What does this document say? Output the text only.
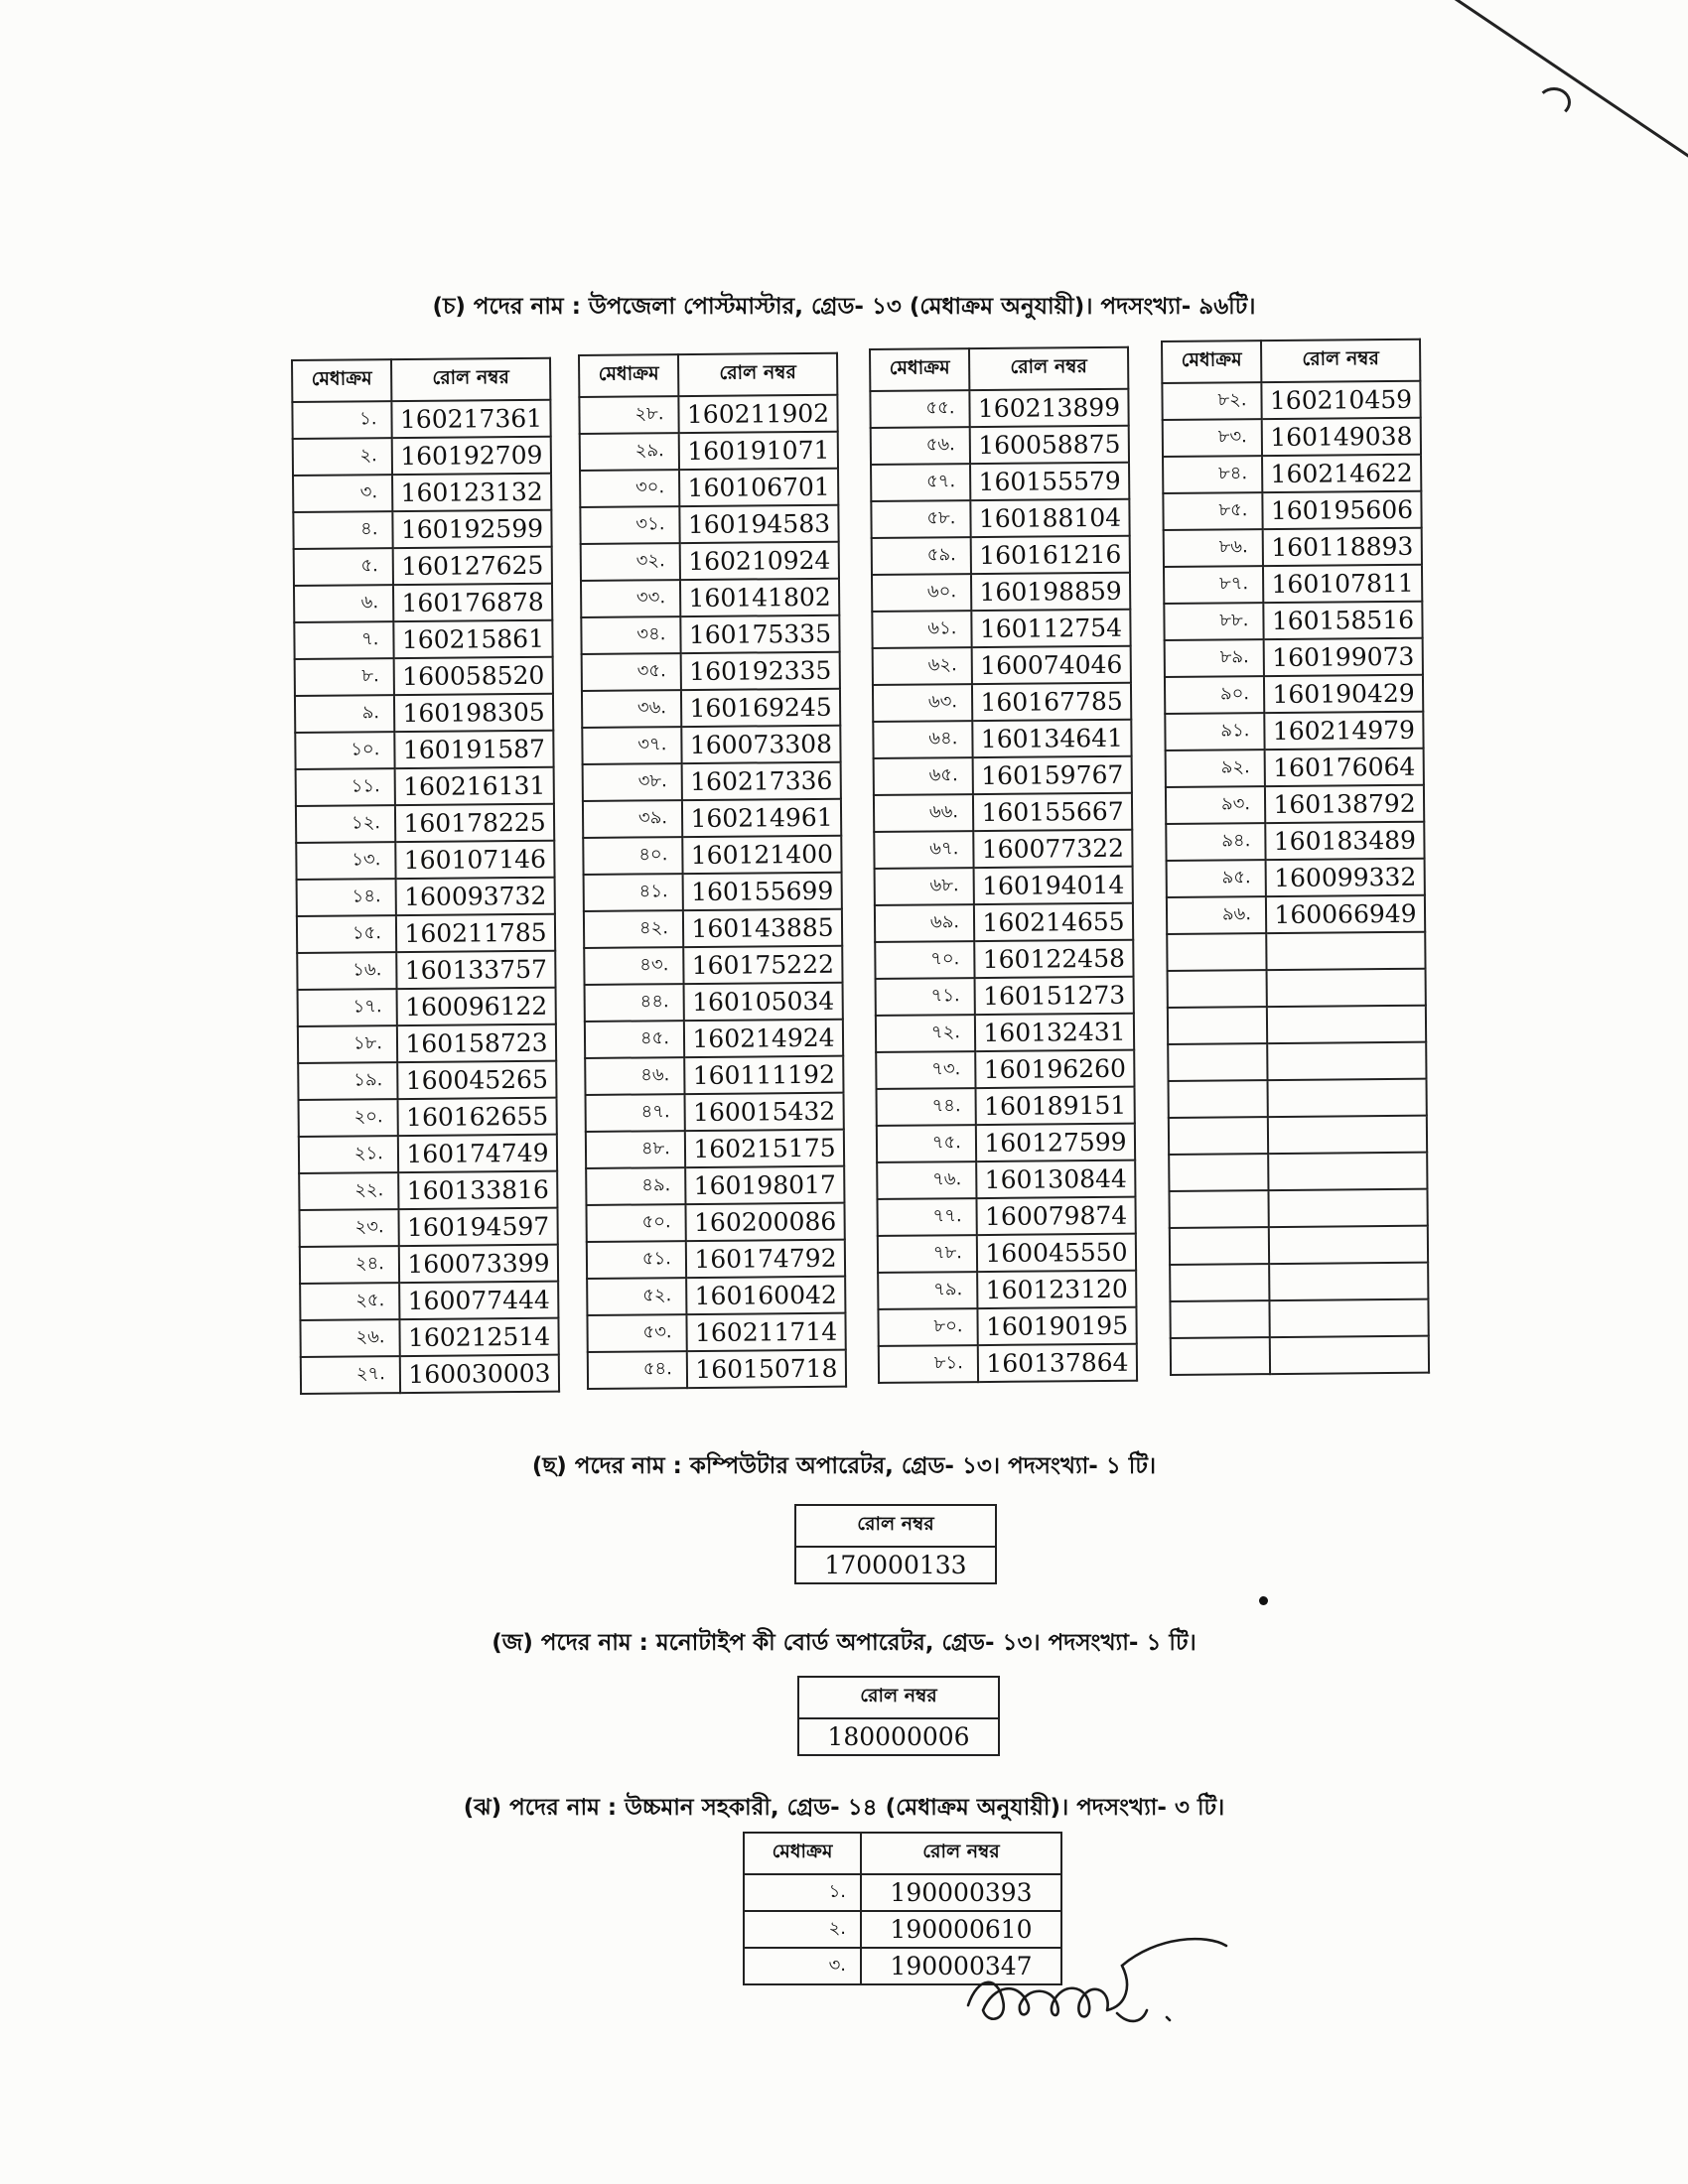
(চ) পদের নাম : উপজেলা পোস্টমাস্টার, গ্রেড- ১৩ (মেধাক্রম অনুযায়ী)। পদসংখ্যা- ৯৬টি।
মেধাক্রম	রোল নম্বর
১.	160217361
২.	160192709
৩.	160123132
৪.	160192599
৫.	160127625
৬.	160176878
৭.	160215861
৮.	160058520
৯.	160198305
১০.	160191587
১১.	160216131
১২.	160178225
১৩.	160107146
১৪.	160093732
১৫.	160211785
১৬.	160133757
১৭.	160096122
১৮.	160158723
১৯.	160045265
২০.	160162655
২১.	160174749
২২.	160133816
২৩.	160194597
২৪.	160073399
২৫.	160077444
২৬.	160212514
২৭.	160030003
মেধাক্রম	রোল নম্বর
২৮.	160211902
২৯.	160191071
৩০.	160106701
৩১.	160194583
৩২.	160210924
৩৩.	160141802
৩৪.	160175335
৩৫.	160192335
৩৬.	160169245
৩৭.	160073308
৩৮.	160217336
৩৯.	160214961
৪০.	160121400
৪১.	160155699
৪২.	160143885
৪৩.	160175222
৪৪.	160105034
৪৫.	160214924
৪৬.	160111192
৪৭.	160015432
৪৮.	160215175
৪৯.	160198017
৫০.	160200086
৫১.	160174792
৫২.	160160042
৫৩.	160211714
৫৪.	160150718
মেধাক্রম	রোল নম্বর
৫৫.	160213899
৫৬.	160058875
৫৭.	160155579
৫৮.	160188104
৫৯.	160161216
৬০.	160198859
৬১.	160112754
৬২.	160074046
৬৩.	160167785
৬৪.	160134641
৬৫.	160159767
৬৬.	160155667
৬৭.	160077322
৬৮.	160194014
৬৯.	160214655
৭০.	160122458
৭১.	160151273
৭২.	160132431
৭৩.	160196260
৭৪.	160189151
৭৫.	160127599
৭৬.	160130844
৭৭.	160079874
৭৮.	160045550
৭৯.	160123120
৮০.	160190195
৮১.	160137864
মেধাক্রম	রোল নম্বর
৮২.	160210459
৮৩.	160149038
৮৪.	160214622
৮৫.	160195606
৮৬.	160118893
৮৭.	160107811
৮৮.	160158516
৮৯.	160199073
৯০.	160190429
৯১.	160214979
৯২.	160176064
৯৩.	160138792
৯৪.	160183489
৯৫.	160099332
৯৬.	160066949

(ছ) পদের নাম : কম্পিউটার অপারেটর, গ্রেড- ১৩। পদসংখ্যা- ১ টি।
রোল নম্বর
170000133
(জ) পদের নাম : মনোটাইপ কী বোর্ড অপারেটর, গ্রেড- ১৩। পদসংখ্যা- ১ টি।
রোল নম্বর
180000006
(ঝ) পদের নাম : উচ্চমান সহকারী, গ্রেড- ১৪ (মেধাক্রম অনুযায়ী)। পদসংখ্যা- ৩ টি।
মেধাক্রম	রোল নম্বর
১.	190000393
২.	190000610
৩.	190000347
